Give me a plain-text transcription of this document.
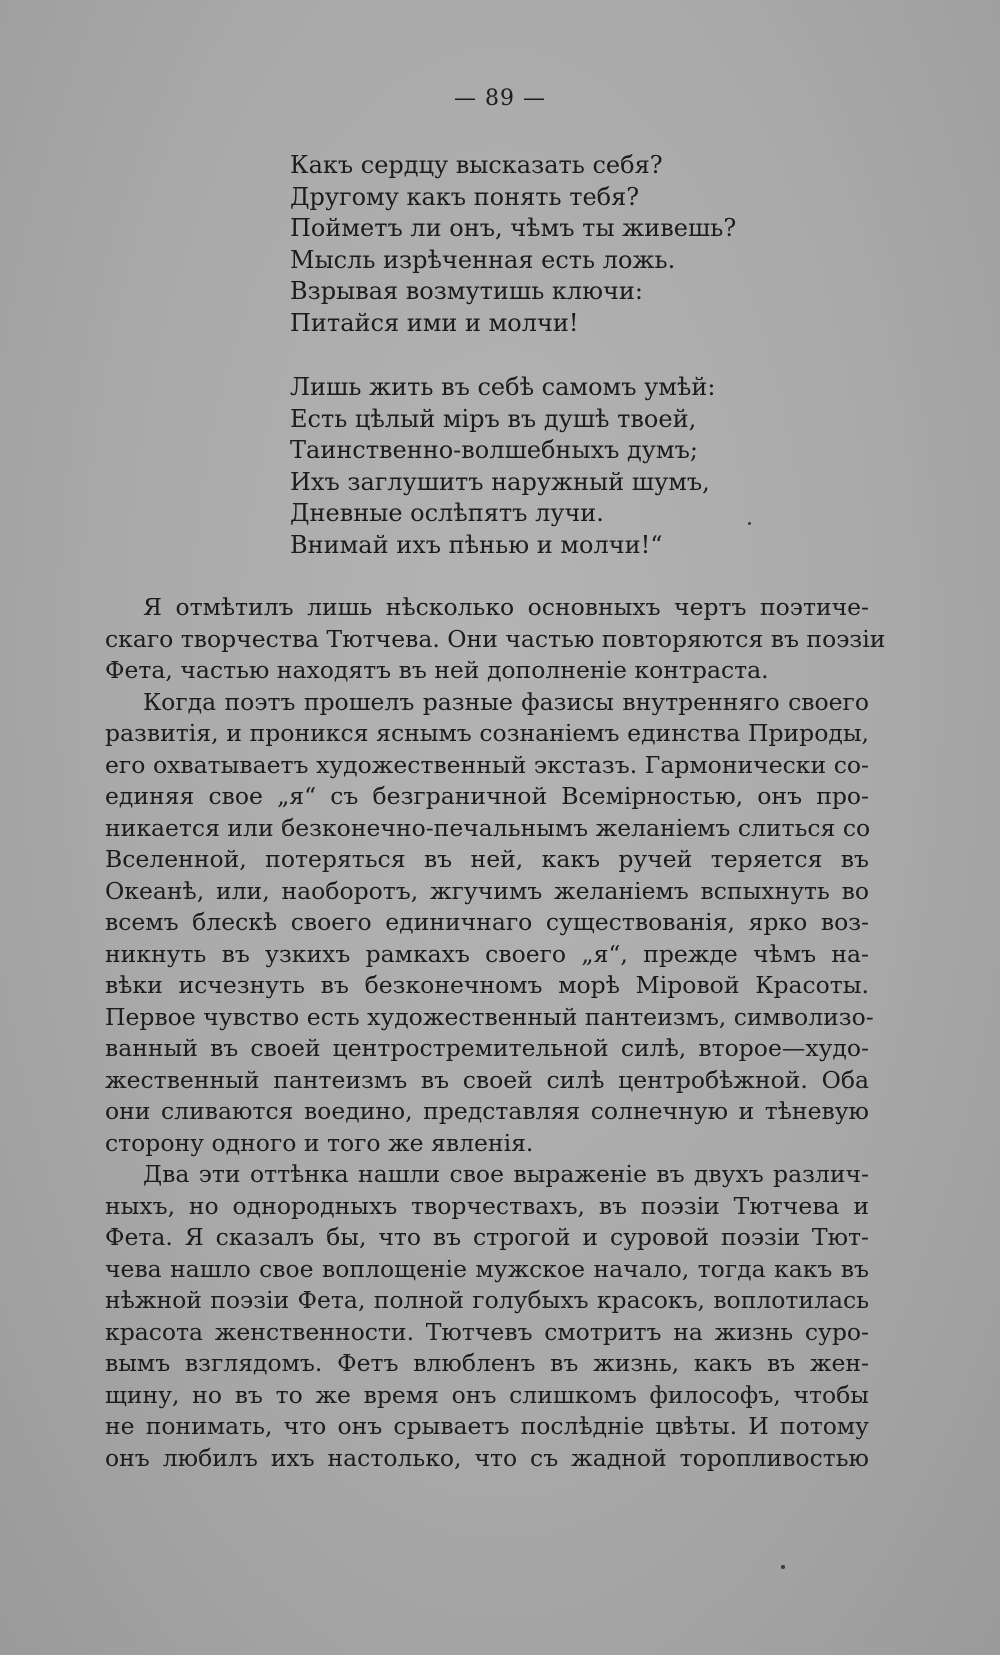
— 89 —
Какъ сердцу высказать себя?
Другому какъ понять тебя?
Пойметъ ли онъ, чѣмъ ты живешь?
Мысль изрѣченная есть ложь.
Взрывая возмутишь ключи:
Питайся ими и молчи!
Лишь жить въ себѣ самомъ умѣй:
Есть цѣлый міръ въ душѣ твоей,
Таинственно-волшебныхъ думъ;
Ихъ заглушитъ наружный шумъ,
Дневные ослѣпятъ лучи.
Внимай ихъ пѣнью и молчи!“
Я отмѣтилъ лишь нѣсколько основныхъ чертъ поэтиче-
скаго творчества Тютчева. Они частью повторяются въ поэзіи
Фета, частью находятъ въ ней дополненіе контраста.
Когда поэтъ прошелъ разные фазисы внутренняго своего
развитія, и проникся яснымъ сознаніемъ единства Природы,
его охватываетъ художественный экстазъ. Гармонически со-
единяя свое „я“ съ безграничной Всемірностью, онъ про-
никается или безконечно-печальнымъ желаніемъ слиться со
Вселенной, потеряться въ ней, какъ ручей теряется въ
Океанѣ, или, наоборотъ, жгучимъ желаніемъ вспыхнуть во
всемъ блескѣ своего единичнаго существованія, ярко воз-
никнуть въ узкихъ рамкахъ своего „я“, прежде чѣмъ на-
вѣки исчезнуть въ безконечномъ морѣ Міровой Красоты.
Первое чувство есть художественный пантеизмъ, символизо-
ванный въ своей центростремительной силѣ, второе—худо-
жественный пантеизмъ въ своей силѣ центробѣжной. Оба
они сливаются воедино, представляя солнечную и тѣневую
сторону одного и того же явленія.
Два эти оттѣнка нашли свое выраженіе въ двухъ различ-
ныхъ, но однородныхъ творчествахъ, въ поэзіи Тютчева и
Фета. Я сказалъ бы, что въ строгой и суровой поэзіи Тют-
чева нашло свое воплощеніе мужское начало, тогда какъ въ
нѣжной поэзіи Фета, полной голубыхъ красокъ, воплотилась
красота женственности. Тютчевъ смотритъ на жизнь суро-
вымъ взглядомъ. Фетъ влюбленъ въ жизнь, какъ въ жен-
щину, но въ то же время онъ слишкомъ философъ, чтобы
не понимать, что онъ срываетъ послѣдніе цвѣты. И потому
онъ любилъ ихъ настолько, что съ жадной торопливостью
